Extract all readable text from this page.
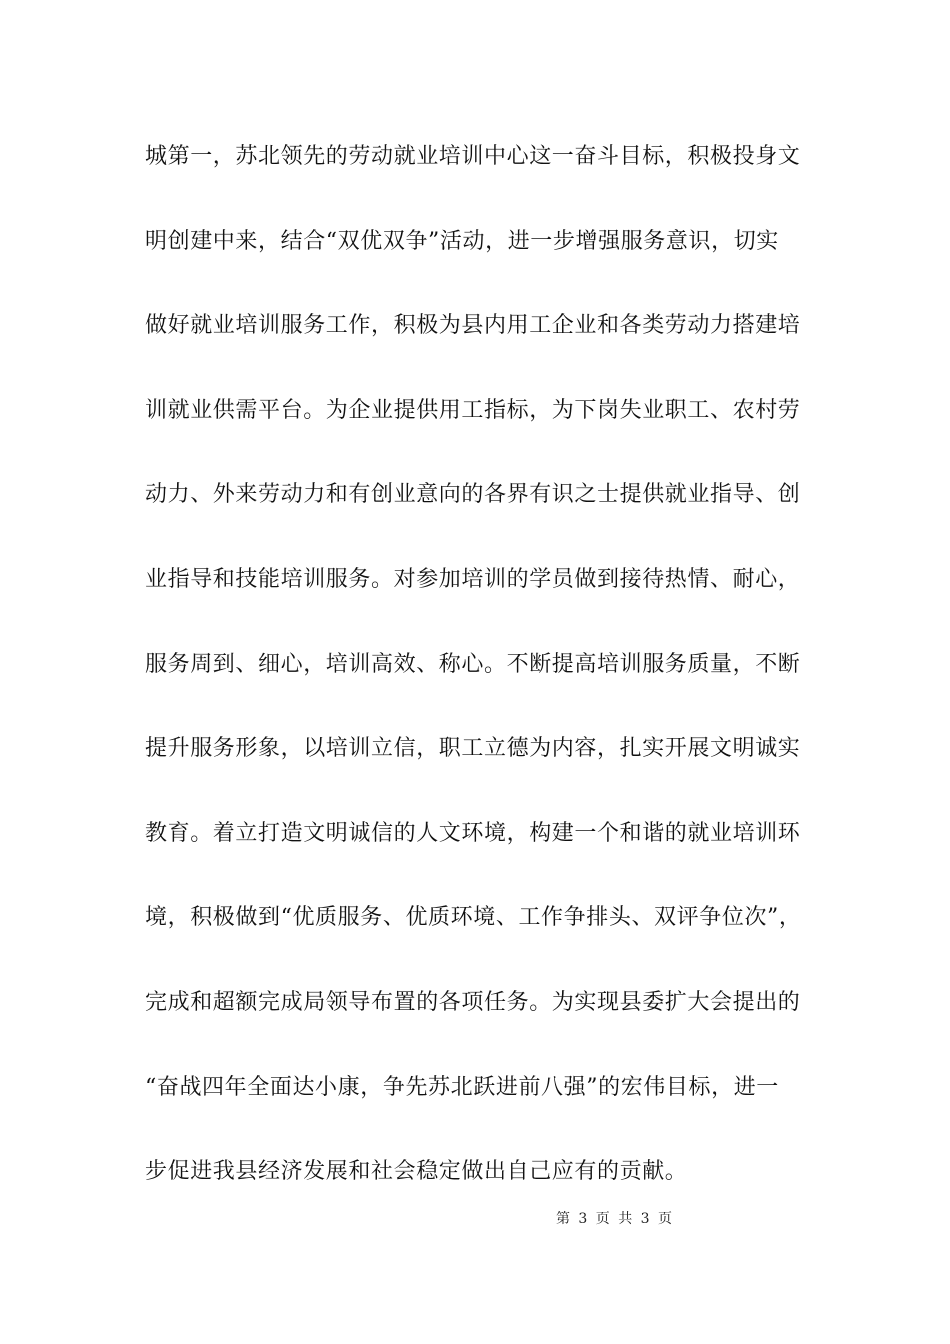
城第一，苏北领先的劳动就业培训中心这一奋斗目标，积极投身文
明创建中来，结合“双优双争”活动，进一步增强服务意识，切实
做好就业培训服务工作，积极为县内用工企业和各类劳动力搭建培
训就业供需平台。为企业提供用工指标，为下岗失业职工、农村劳
动力、外来劳动力和有创业意向的各界有识之士提供就业指导、创
业指导和技能培训服务。对参加培训的学员做到接待热情、耐心，
服务周到、细心，培训高效、称心。不断提高培训服务质量，不断
提升服务形象，以培训立信，职工立德为内容，扎实开展文明诚实
教育。着立打造文明诚信的人文环境，构建一个和谐的就业培训环
境，积极做到“优质服务、优质环境、工作争排头、双评争位次”，
完成和超额完成局领导布置的各项任务。为实现县委扩大会提出的
“奋战四年全面达小康，争先苏北跃进前八强”的宏伟目标，进一
步促进我县经济发展和社会稳定做出自己应有的贡献。
第 3 页 共 3 页
